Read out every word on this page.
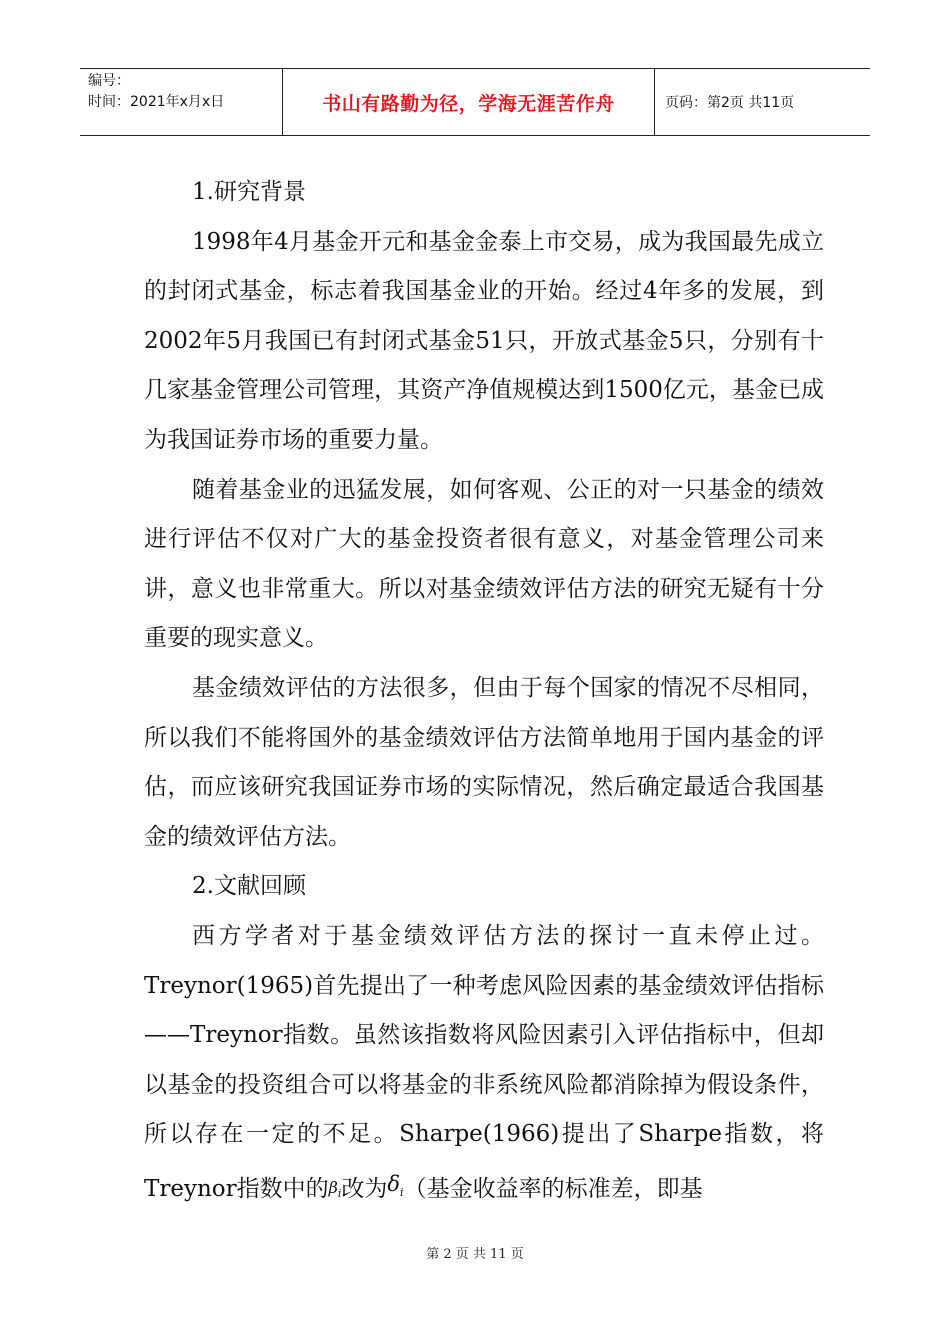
编号：
时间：2021年x月x日	书山有路勤为径，学海无涯苦作舟	页码：第2页 共11页

1.研究背景

1998年4月基金开元和基金金泰上市交易，成为我国最先成立的封闭式基金，标志着我国基金业的开始。经过4年多的发展，到2002年5月我国已有封闭式基金51只，开放式基金5只，分别有十几家基金管理公司管理，其资产净值规模达到1500亿元，基金已成为我国证券市场的重要力量。

随着基金业的迅猛发展，如何客观、公正的对一只基金的绩效进行评估不仅对广大的基金投资者很有意义，对基金管理公司来讲，意义也非常重大。所以对基金绩效评估方法的研究无疑有十分重要的现实意义。

基金绩效评估的方法很多，但由于每个国家的情况不尽相同，所以我们不能将国外的基金绩效评估方法简单地用于国内基金的评估，而应该研究我国证券市场的实际情况，然后确定最适合我国基金的绩效评估方法。

2.文献回顾

西方学者对于基金绩效评估方法的探讨一直未停止过。Treynor(1965)首先提出了一种考虑风险因素的基金绩效评估指标——Treynor指数。虽然该指数将风险因素引入评估指标中，但却以基金的投资组合可以将基金的非系统风险都消除掉为假设条件，所以存在一定的不足。Sharpe(1966)提出了Sharpe指数，将Treynor指数中的$\beta_i$改为$\delta_i$（基金收益率的标准差，即基

第 2 页 共 11 页
